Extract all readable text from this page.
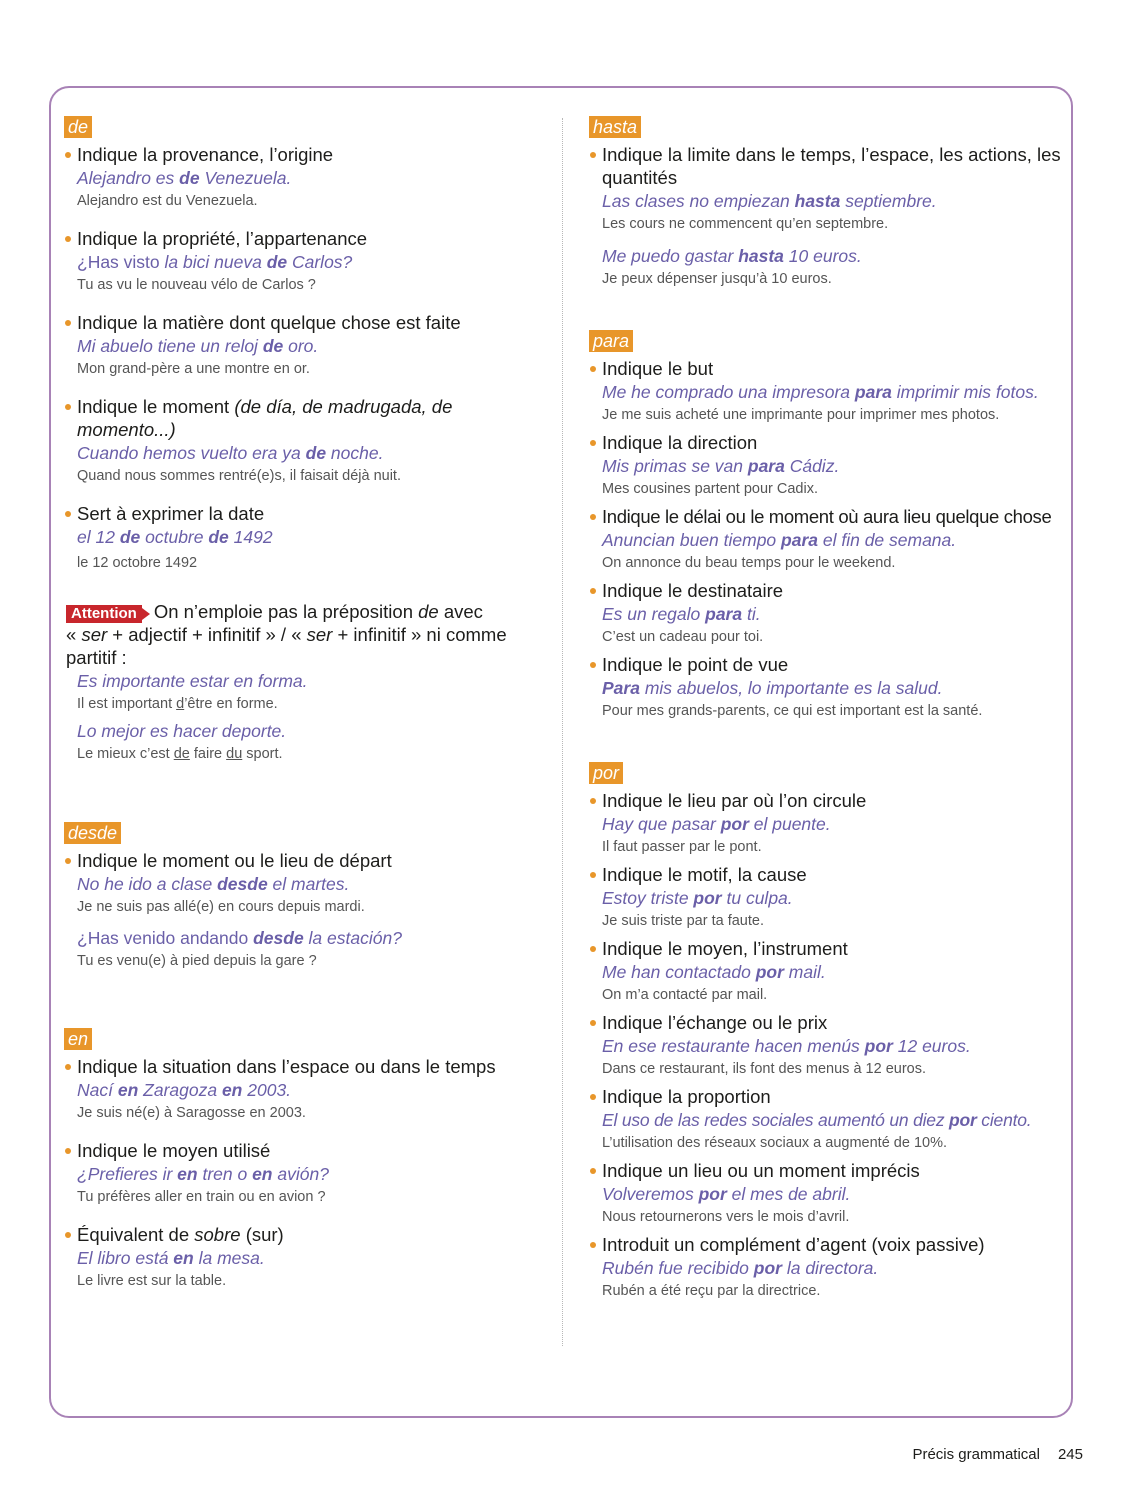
de
Indique la provenance, l’origine
Alejandro es de Venezuela.
Alejandro est du Venezuela.
Indique la propriété, l’appartenance
¿Has visto la bici nueva de Carlos?
Tu as vu le nouveau vélo de Carlos ?
Indique la matière dont quelque chose est faite
Mi abuelo tiene un reloj de oro.
Mon grand-père a une montre en or.
Indique le moment (de día, de madrugada, de momento...)
Cuando hemos vuelto era ya de noche.
Quand nous sommes rentré(e)s, il faisait déjà nuit.
Sert à exprimer la date
el 12 de octubre de 1492
le 12 octobre 1492
Attention On n’emploie pas la préposition de avec
« ser + adjectif + infinitif » / « ser + infinitif » ni comme partitif :
Es importante estar en forma.
Il est important d’être en forme.
Lo mejor es hacer deporte.
Le mieux c’est de faire du sport.
desde
Indique le moment ou le lieu de départ
No he ido a clase desde el martes.
Je ne suis pas allé(e) en cours depuis mardi.
¿Has venido andando desde la estación?
Tu es venu(e) à pied depuis la gare ?
en
Indique la situation dans l’espace ou dans le temps
Nací en Zaragoza en 2003.
Je suis né(e) à Saragosse en 2003.
Indique le moyen utilisé
¿Prefieres ir en tren o en avión?
Tu préfères aller en train ou en avion ?
Équivalent de sobre (sur)
El libro está en la mesa.
Le livre est sur la table.
hasta
Indique la limite dans le temps, l’espace, les actions, les quantités
Las clases no empiezan hasta septiembre.
Les cours ne commencent qu’en septembre.
Me puedo gastar hasta 10 euros.
Je peux dépenser jusqu’à 10 euros.
para
Indique le but
Me he comprado una impresora para imprimir mis fotos.
Je me suis acheté une imprimante pour imprimer mes photos.
Indique la direction
Mis primas se van para Cádiz.
Mes cousines partent pour Cadix.
Indique le délai ou le moment où aura lieu quelque chose
Anuncian buen tiempo para el fin de semana.
On annonce du beau temps pour le weekend.
Indique le destinataire
Es un regalo para ti.
C’est un cadeau pour toi.
Indique le point de vue
Para mis abuelos, lo importante es la salud.
Pour mes grands-parents, ce qui est important est la santé.
por
Indique le lieu par où l’on circule
Hay que pasar por el puente.
Il faut passer par le pont.
Indique le motif, la cause
Estoy triste por tu culpa.
Je suis triste par ta faute.
Indique le moyen, l’instrument
Me han contactado por mail.
On m’a contacté par mail.
Indique l’échange ou le prix
En ese restaurante hacen menús por 12 euros.
Dans ce restaurant, ils font des menus à 12 euros.
Indique la proportion
El uso de las redes sociales aumentó un diez por ciento.
L’utilisation des réseaux sociaux a augmenté de 10%.
Indique un lieu ou un moment imprécis
Volveremos por el mes de abril.
Nous retournerons vers le mois d’avril.
Introduit un complément d’agent (voix passive)
Rubén fue recibido por la directora.
Rubén a été reçu par la directrice.
Précis grammatical 245
